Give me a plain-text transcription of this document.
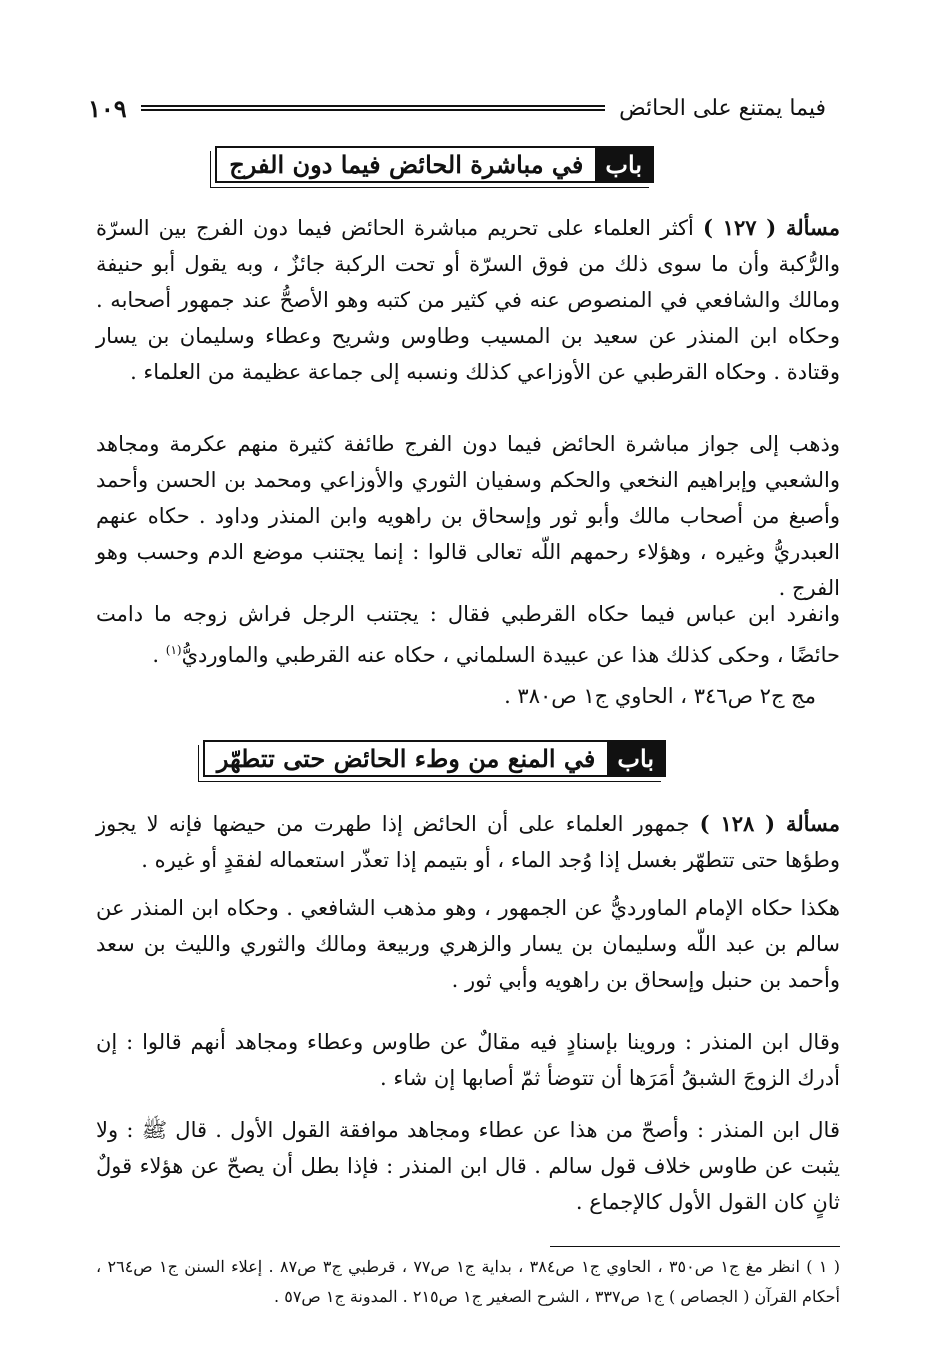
فيما يمتنع على الحائض
١٠٩
باب
في مباشرة الحائض فيما دون الفرج

مسألة ( ١٢٧ ) أكثر العلماء على تحريم مباشرة الحائض فيما دون الفرج بين السرّة والرُّكبة وأن ما سوى ذلك من فوق السرّة أو تحت الركبة جائزٌ ، وبه يقول أبو حنيفة ومالك والشافعي في المنصوص عنه في كثير من كتبه وهو الأصحُّ عند جمهور أصحابه . وحكاه ابن المنذر عن سعيد بن المسيب وطاوس وشريح وعطاء وسليمان بن يسار وقتادة . وحكاه القرطبي عن الأوزاعي كذلك ونسبه إلى جماعة عظيمة من العلماء .

وذهب إلى جواز مباشرة الحائض فيما دون الفرج طائفة كثيرة منهم عكرمة ومجاهد والشعبي وإبراهيم النخعي والحكم وسفيان الثوري والأوزاعي ومحمد بن الحسن وأحمد وأصبغ من أصحاب مالك وأبو ثور وإسحاق بن راهويه وابن المنذر وداود . حكاه عنهم العبدريُّ وغيره ، وهؤلاء رحمهم اللّه تعالى قالوا : إنما يجتنب موضع الدم وحسب وهو الفرج .

وانفرد ابن عباس فيما حكاه القرطبي فقال : يجتنب الرجل فراش زوجه ما دامت حائضًا ، وحكى كذلك هذا عن عبيدة السلماني ، حكاه عنه القرطبي والماورديُّ$^{(١)}$ .

مج ج٢ ص٣٤٦ ، الحاوي ج١ ص٣٨٠ .
باب
في المنع من وطء الحائض حتى تتطهّر

مسألة ( ١٢٨ ) جمهور العلماء على أن الحائض إذا طهرت من حيضها فإنه لا يجوز وطؤها حتى تتطهّر بغسل إذا وُجد الماء ، أو بتيمم إذا تعذّر استعماله لفقدٍ أو غيره .

هكذا حكاه الإمام الماورديُّ عن الجمهور ، وهو مذهب الشافعي . وحكاه ابن المنذر عن سالم بن عبد اللّه وسليمان بن يسار والزهري وربيعة ومالك والثوري والليث بن سعد وأحمد بن حنبل وإسحاق بن راهويه وأبي ثور .

وقال ابن المنذر : وروينا بإسنادٍ فيه مقالٌ عن طاوس وعطاء ومجاهد أنهم قالوا : إن أدرك الزوجَ الشبقُ أمَرَها أن تتوضأ ثمّ أصابها إن شاء .

قال ابن المنذر : وأصحّ من هذا عن عطاء ومجاهد موافقة القول الأول . قال ﷺ : ولا يثبت عن طاوس خلاف قول سالم . قال ابن المنذر : فإذا بطل أن يصحّ عن هؤلاء قولٌ ثانٍ كان القول الأول كالإجماع .

( ١ ) انظر مغ ج١ ص٣٥٠ ، الحاوي ج١ ص٣٨٤ ، بداية ج١ ص٧٧ ، قرطبي ج٣ ص٨٧ . إعلاء السنن ج١ ص٢٦٤ ، أحكام القرآن ( الجصاص ) ج١ ص٣٣٧ ، الشرح الصغير ج١ ص٢١٥ . المدونة ج١ ص٥٧ .
